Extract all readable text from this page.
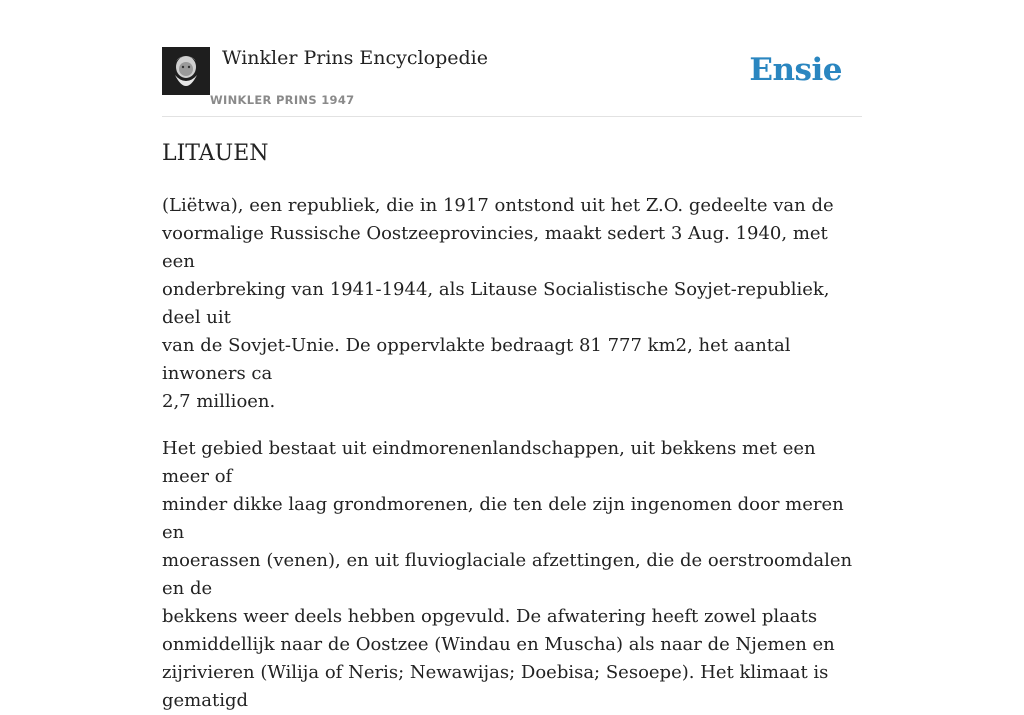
Winkler Prins Encyclopedie
WINKLER PRINS 1947
Ensie
LITAUEN

(Liëtwa), een republiek, die in 1917 ontstond uit het Z.O. gedeelte van de
voormalige Russische Oostzeeprovincies, maakt sedert 3 Aug. 1940, met een
onderbreking van 1941-1944, als Litause Socialistische Soyjet-republiek, deel uit
van de Sovjet-Unie. De oppervlakte bedraagt 81 777 km2, het aantal inwoners ca
2,7 millioen.

Het gebied bestaat uit eindmorenenlandschappen, uit bekkens met een meer of
minder dikke laag grondmorenen, die ten dele zijn ingenomen door meren en
moerassen (venen), en uit fluvioglaciale afzettingen, die de oerstroomdalen en de
bekkens weer deels hebben opgevuld. De afwatering heeft zowel plaats
onmiddellijk naar de Oostzee (Windau en Muscha) als naar de Njemen en
zijrivieren (Wilija of Neris; Newawijas; Doebisa; Sesoepe). Het klimaat is gematigd
